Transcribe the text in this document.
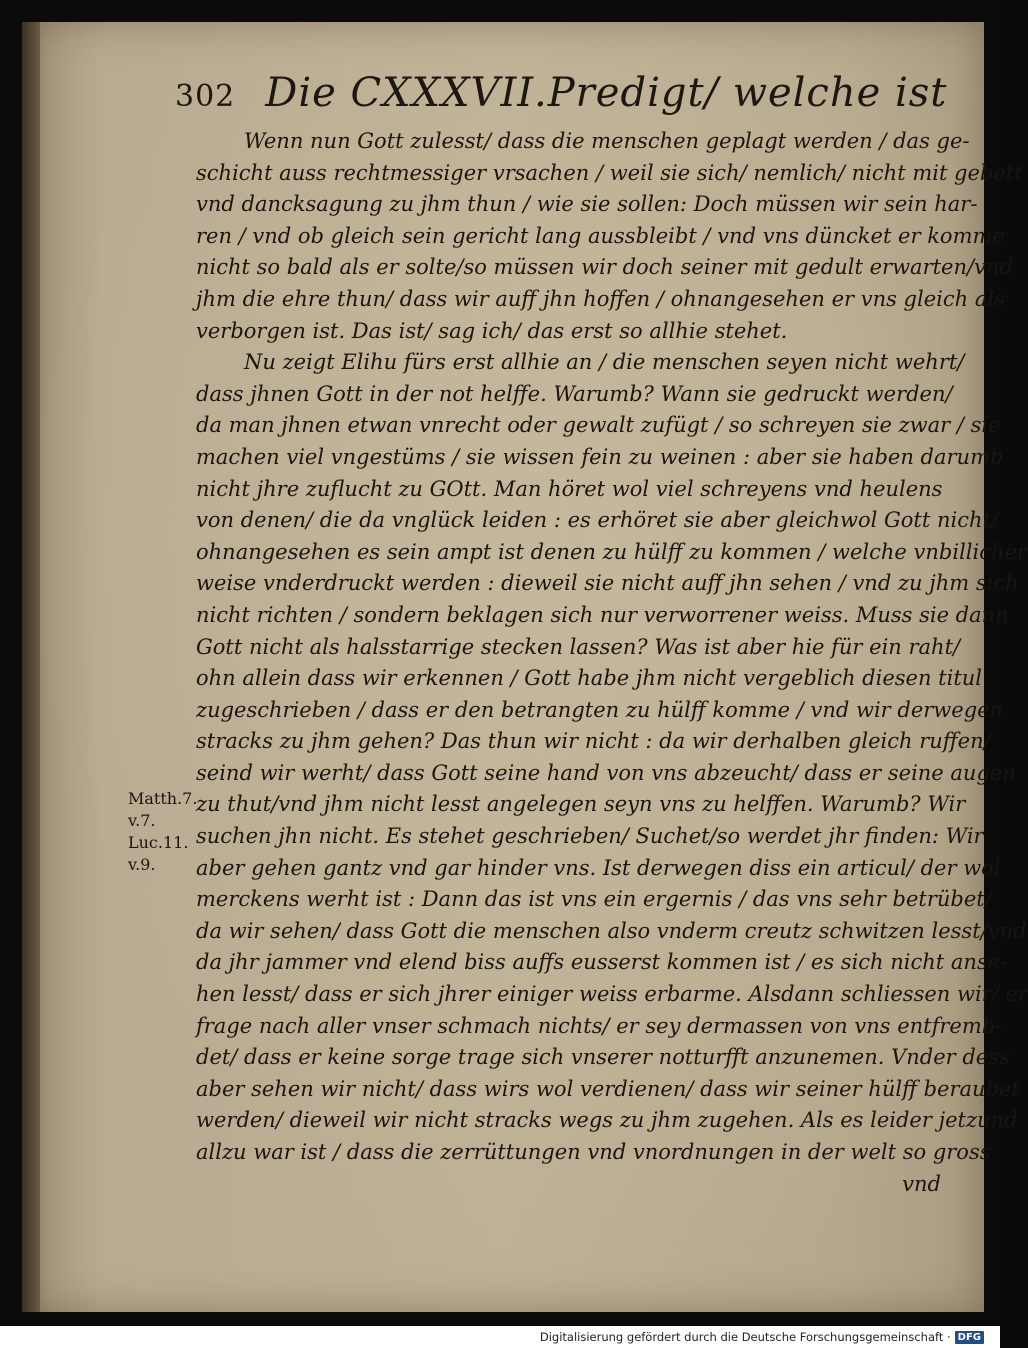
302 Die CXXXVII.Predigt/ welche ist
Wenn nun Gott zulesst/ dass die menschen geplagt werden / das ge-
schicht auss rechtmessiger vrsachen / weil sie sich/ nemlich/ nicht mit gebett
vnd dancksagung zu jhm thun / wie sie sollen: Doch müssen wir sein har-
ren / vnd ob gleich sein gericht lang aussbleibt / vnd vns düncket er komme
nicht so bald als er solte/so müssen wir doch seiner mit gedult erwarten/vnd
jhm die ehre thun/ dass wir auff jhn hoffen / ohnangesehen er vns gleich als
verborgen ist. Das ist/ sag ich/ das erst so allhie stehet.
Nu zeigt Elihu fürs erst allhie an / die menschen seyen nicht wehrt/
dass jhnen Gott in der not helffe. Warumb? Wann sie gedruckt werden/
da man jhnen etwan vnrecht oder gewalt zufügt / so schreyen sie zwar / sie
machen viel vngestüms / sie wissen fein zu weinen : aber sie haben darumb
nicht jhre zuflucht zu GOtt. Man höret wol viel schreyens vnd heulens
von denen/ die da vnglück leiden : es erhöret sie aber gleichwol Gott nicht/
ohnangesehen es sein ampt ist denen zu hülff zu kommen / welche vnbillicher
weise vnderdruckt werden : dieweil sie nicht auff jhn sehen / vnd zu jhm sich
nicht richten / sondern beklagen sich nur verworrener weiss. Muss sie dann
Gott nicht als halsstarrige stecken lassen? Was ist aber hie für ein raht/
ohn allein dass wir erkennen / Gott habe jhm nicht vergeblich diesen titul
zugeschrieben / dass er den betrangten zu hülff komme / vnd wir derwegen
stracks zu jhm gehen? Das thun wir nicht : da wir derhalben gleich ruffen/
seind wir werht/ dass Gott seine hand von vns abzeucht/ dass er seine augen
zu thut/vnd jhm nicht lesst angelegen seyn vns zu helffen. Warumb? Wir
suchen jhn nicht. Es stehet geschrieben/ Suchet/so werdet jhr finden: Wir
aber gehen gantz vnd gar hinder vns. Ist derwegen diss ein articul/ der wol
merckens werht ist : Dann das ist vns ein ergernis / das vns sehr betrübet/
da wir sehen/ dass Gott die menschen also vnderm creutz schwitzen lesst/vnd
da jhr jammer vnd elend biss auffs eusserst kommen ist / es sich nicht anse-
hen lesst/ dass er sich jhrer einiger weiss erbarme. Alsdann schliessen wir/ er
frage nach aller vnser schmach nichts/ er sey dermassen von vns entfremb-
det/ dass er keine sorge trage sich vnserer notturfft anzunemen. Vnder dess
aber sehen wir nicht/ dass wirs wol verdienen/ dass wir seiner hülff beraubet
werden/ dieweil wir nicht stracks wegs zu jhm zugehen. Als es leider jetzund
allzu war ist / dass die zerrüttungen vnd vnordnungen in der welt so gross
vnd
Matth.7.
v.7.
Luc.11.
v.9.
Digitalisierung gefördert durch die Deutsche Forschungsgemeinschaft · DFG
